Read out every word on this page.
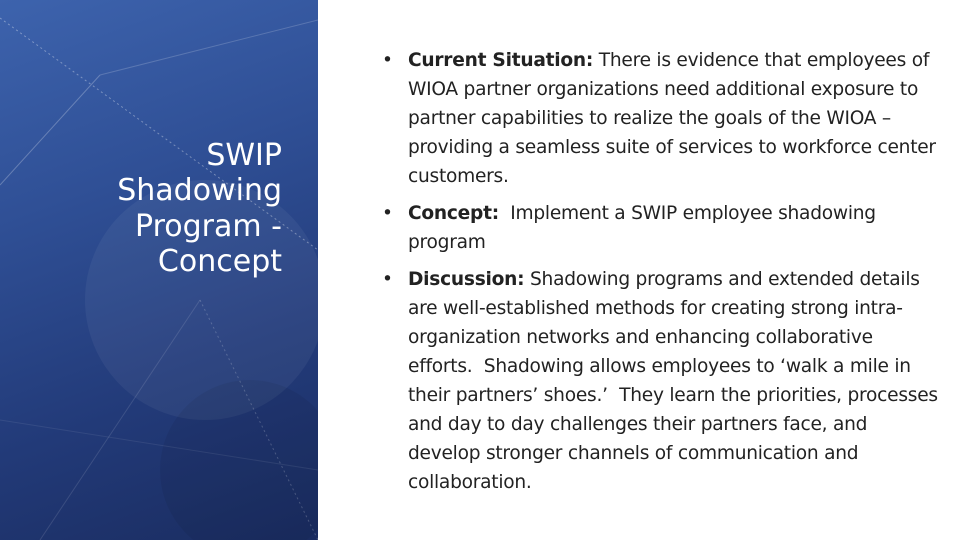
SWIP
Shadowing
Program -
Concept
• Current Situation: There is evidence that employees of WIOA partner organizations need additional exposure to partner capabilities to realize the goals of the WIOA – providing a seamless suite of services to workforce center customers.
• Concept:  Implement a SWIP employee shadowing program
• Discussion: Shadowing programs and extended details are well-established methods for creating strong intra-organization networks and enhancing collaborative efforts.  Shadowing allows employees to ‘walk a mile in their partners’ shoes.’  They learn the priorities, processes and day to day challenges their partners face, and develop stronger channels of communication and collaboration.
